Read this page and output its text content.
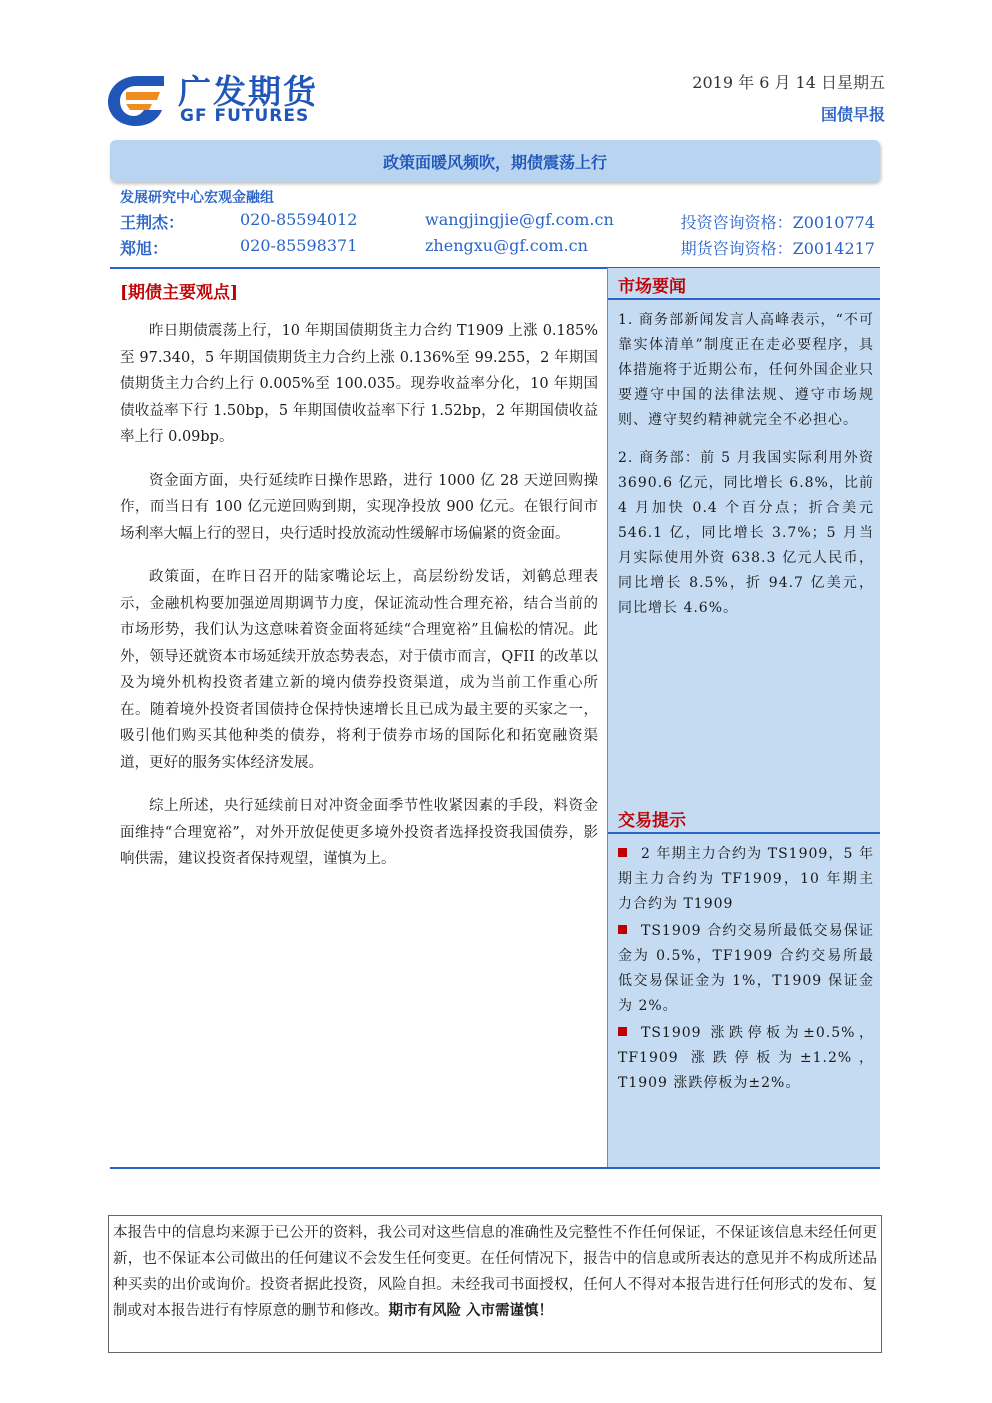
广发期货
GF FUTURES
2019 年 6 月 14 日星期五
国债早报
政策面暖风频吹，期债震荡上行
发展研究中心宏观金融组
王荆杰：	020-85594012	wangjingjie@gf.com.cn	投资咨询资格：Z0010774
郑旭：	020-85598371	zhengxu@gf.com.cn	期货咨询资格：Z0014217
[期债主要观点]

昨日期债震荡上行，10 年期国债期货主力合约 T1909 上涨 0.185%至 97.340，5 年期国债期货主力合约上涨 0.136%至 99.255，2 年期国债期货主力合约上行 0.005%至 100.035。现券收益率分化，10 年期国债收益率下行 1.50bp，5 年期国债收益率下行 1.52bp，2 年期国债收益率上行 0.09bp。

资金面方面，央行延续昨日操作思路，进行 1000 亿 28 天逆回购操作，而当日有 100 亿元逆回购到期，实现净投放 900 亿元。在银行间市场利率大幅上行的翌日，央行适时投放流动性缓解市场偏紧的资金面。

政策面，在昨日召开的陆家嘴论坛上，高层纷纷发话，刘鹤总理表示，金融机构要加强逆周期调节力度，保证流动性合理充裕，结合当前的市场形势，我们认为这意味着资金面将延续“合理宽裕”且偏松的情况。此外，领导还就资本市场延续开放态势表态，对于债市而言，QFII 的改革以及为境外机构投资者建立新的境内债券投资渠道，成为当前工作重心所在。随着境外投资者国债持仓保持快速增长且已成为最主要的买家之一，吸引他们购买其他种类的债券，将利于债券市场的国际化和拓宽融资渠道，更好的服务实体经济发展。

综上所述，央行延续前日对冲资金面季节性收紧因素的手段，料资金面维持“合理宽裕”，对外开放促使更多境外投资者选择投资我国债券，影响供需，建议投资者保持观望，谨慎为上。

市场要闻

1. 商务部新闻发言人高峰表示，“不可靠实体清单”制度正在走必要程序，具体措施将于近期公布，任何外国企业只要遵守中国的法律法规、遵守市场规则、遵守契约精神就完全不必担心。

2. 商务部：前 5 月我国实际利用外资 3690.6 亿元，同比增长 6.8%，比前 4 月加快 0.4 个百分点；折合美元 546.1 亿，同比增长 3.7%；5 月当月实际使用外资 638.3 亿元人民币，同比增长 8.5%，折 94.7 亿美元，同比增长 4.6%。

交易提示

2 年期主力合约为 TS1909，5 年期主力合约为 TF1909，10 年期主力合约为 T1909

TS1909 合约交易所最低交易保证金为 0.5%，TF1909 合约交易所最低交易保证金为 1%，T1909 保证金为 2%。

TS1909 涨跌停板为±0.5%，TF1909 涨跌停板为±1.2%，T1909 涨跌停板为±2%。

本报告中的信息均来源于已公开的资料，我公司对这些信息的准确性及完整性不作任何保证，不保证该信息未经任何更新，也不保证本公司做出的任何建议不会发生任何变更。在任何情况下，报告中的信息或所表达的意见并不构成所述品种买卖的出价或询价。投资者据此投资，风险自担。未经我司书面授权，任何人不得对本报告进行任何形式的发布、复制或对本报告进行有悖原意的删节和修改。期市有风险 入市需谨慎！
